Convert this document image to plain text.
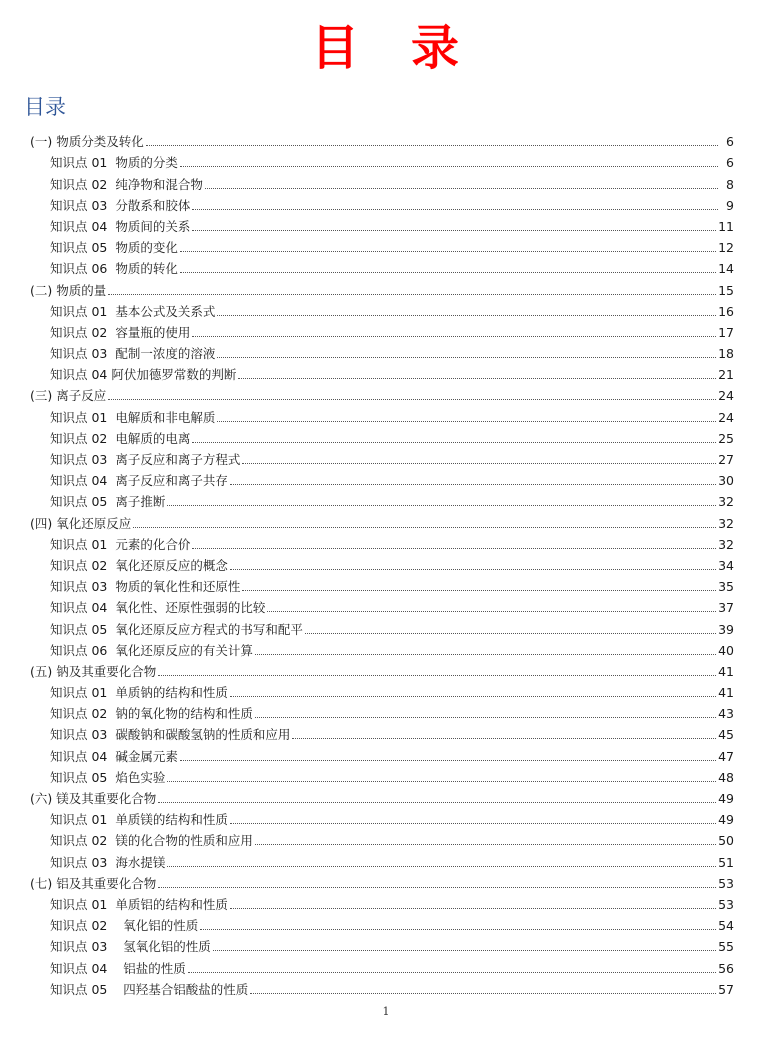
目　录
目录
(一) 物质分类及转化	6
知识点 01  物质的分类	6
知识点 02  纯净物和混合物	8
知识点 03  分散系和胶体	9
知识点 04  物质间的关系	11
知识点 05  物质的变化	12
知识点 06  物质的转化	14
(二) 物质的量	15
知识点 01  基本公式及关系式	16
知识点 02  容量瓶的使用	17
知识点 03  配制一浓度的溶液	18
知识点 04 阿伏加德罗常数的判断	21
(三) 离子反应	24
知识点 01  电解质和非电解质	24
知识点 02  电解质的电离	25
知识点 03  离子反应和离子方程式	27
知识点 04  离子反应和离子共存	30
知识点 05  离子推断	32
(四) 氧化还原反应	32
知识点 01  元素的化合价	32
知识点 02  氧化还原反应的概念	34
知识点 03  物质的氧化性和还原性	35
知识点 04  氧化性、还原性强弱的比较	37
知识点 05  氧化还原反应方程式的书写和配平	39
知识点 06  氧化还原反应的有关计算	40
(五) 钠及其重要化合物	41
知识点 01  单质钠的结构和性质	41
知识点 02  钠的氧化物的结构和性质	43
知识点 03  碳酸钠和碳酸氢钠的性质和应用	45
知识点 04  碱金属元素	47
知识点 05  焰色实验	48
(六) 镁及其重要化合物	49
知识点 01  单质镁的结构和性质	49
知识点 02  镁的化合物的性质和应用	50
知识点 03  海水提镁	51
(七) 铝及其重要化合物	53
知识点 01  单质铝的结构和性质	53
知识点 02    氧化铝的性质	54
知识点 03    氢氧化铝的性质	55
知识点 04    铝盐的性质	56
知识点 05    四羟基合铝酸盐的性质	57
1
